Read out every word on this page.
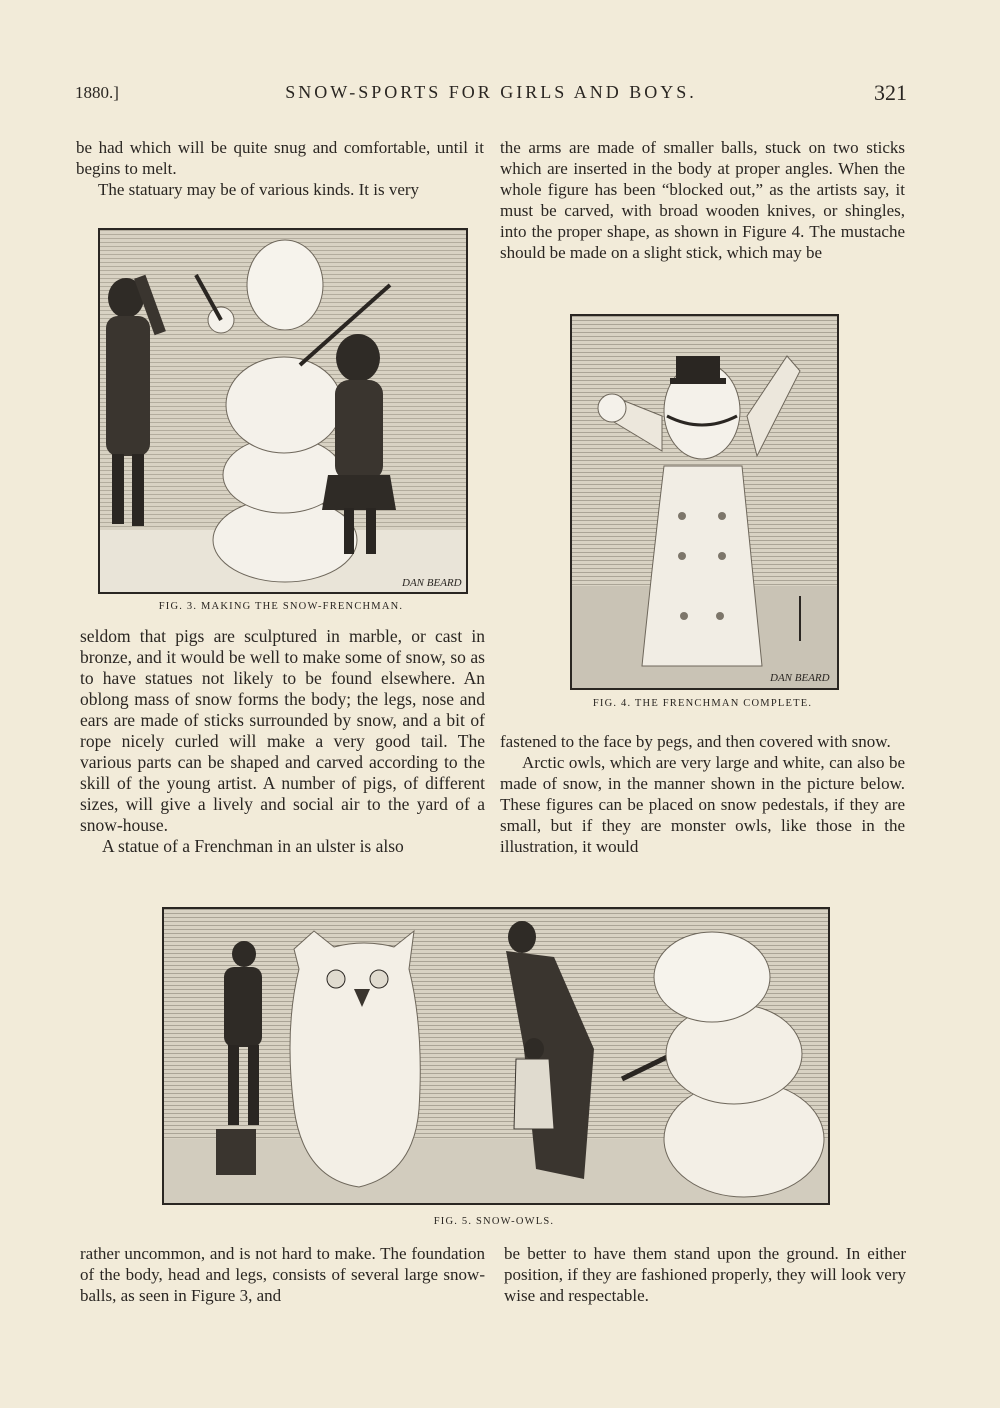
1880.]	SNOW-SPORTS FOR GIRLS AND BOYS.	321

be had which will be quite snug and comfortable, until it begins to melt.

The statuary may be of various kinds. It is very

DAN BEARD
FIG. 3. MAKING THE SNOW-FRENCHMAN.

seldom that pigs are sculptured in marble, or cast in bronze, and it would be well to make some of snow, so as to have statues not likely to be found elsewhere. An oblong mass of snow forms the body; the legs, nose and ears are made of sticks surrounded by snow, and a bit of rope nicely curled will make a very good tail. The various parts can be shaped and carved according to the skill of the young artist. A number of pigs, of different sizes, will give a lively and social air to the yard of a snow-house.

A statue of a Frenchman in an ulster is also

the arms are made of smaller balls, stuck on two sticks which are inserted in the body at proper angles. When the whole figure has been “blocked out,” as the artists say, it must be carved, with broad wooden knives, or shingles, into the proper shape, as shown in Figure 4. The mustache should be made on a slight stick, which may be

DAN BEARD
FIG. 4. THE FRENCHMAN COMPLETE.

fastened to the face by pegs, and then covered with snow.

Arctic owls, which are very large and white, can also be made of snow, in the manner shown in the picture below. These figures can be placed on snow pedestals, if they are small, but if they are monster owls, like those in the illustration, it would

FIG. 5. SNOW-OWLS.

rather uncommon, and is not hard to make. The foundation of the body, head and legs, consists of several large snow-balls, as seen in Figure 3, and

be better to have them stand upon the ground. In either position, if they are fashioned properly, they will look very wise and respectable.
